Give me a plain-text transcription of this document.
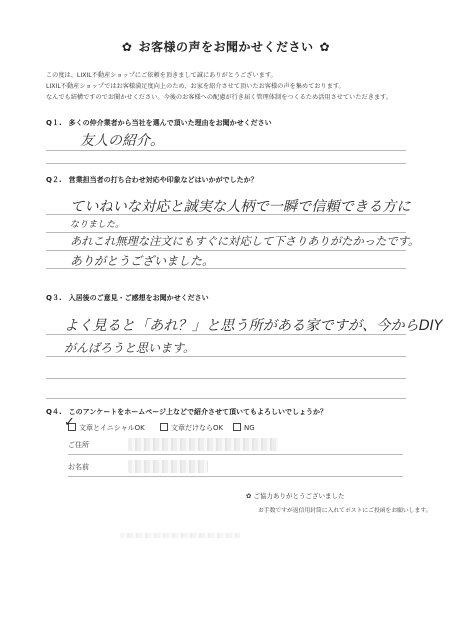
✿ お客様の声をお聞かせください ✿
この度は、LIXIL不動産ショップにご依頼を頂きまして誠にありがとうございます。
LIXIL不動産ショップではお客様満足度向上のため、お家を紹介させて頂いたお客様の声を集めております。
なんでも結構ですのでお聞かせください。今後のお客様への配慮が行き届く管理体制をつくるため活用させていただきます。
Q１.　多くの仲介業者から当社を選んで頂いた理由をお聞かせください
友人の紹介。
Q２.　営業担当者の打ち合わせ対応や印象などはいかがでしたか？
ていねいな対応と誠実な人柄で一瞬で信頼できる方に
なりました。
あれこれ無理な注文にもすぐに対応して下さりありがたかったです。
ありがとうございました。
Q３.　入居後のご意見・ご感想をお聞かせください
よく見ると「あれ？」と思う所がある家ですが、今からDIY
がんばろうと思います。
Q４.　このアンケートをホームページ上などで紹介させて頂いてもよろしいでしょうか？
文章とイニシャルOK
✓	文章だけならOK	NG
ご住所
お名前
✿ ご協力ありがとうございました
お手数ですが返信用封筒に入れてポストにご投函をお願いします。
